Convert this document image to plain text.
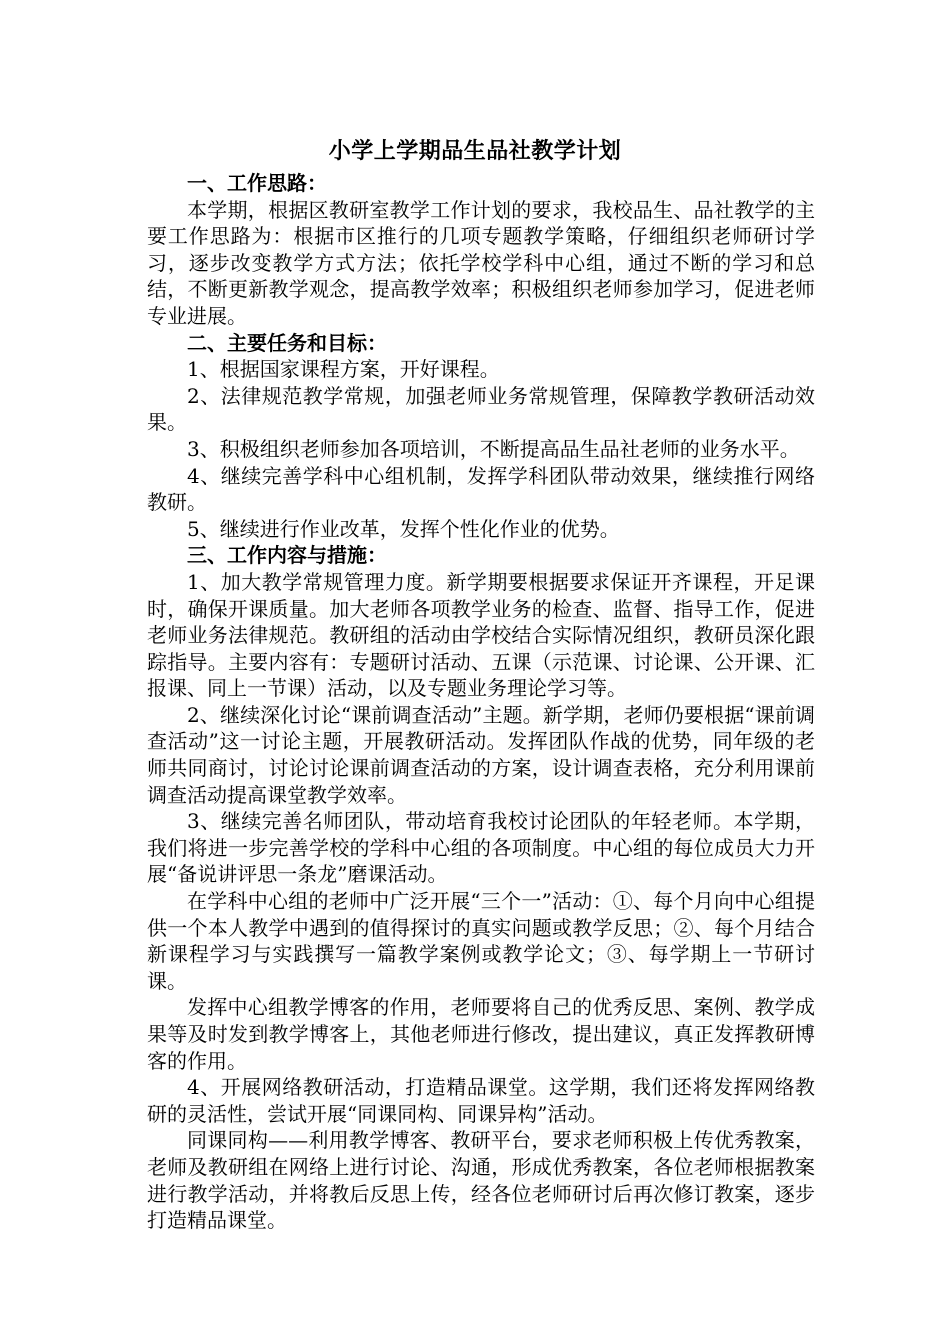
小学上学期品生品社教学计划

一、工作思路：

本学期，根据区教研室教学工作计划的要求，我校品生、品社教学的主要工作思路为：根据市区推行的几项专题教学策略，仔细组织老师研讨学习，逐步改变教学方式方法；依托学校学科中心组，通过不断的学习和总结，不断更新教学观念，提高教学效率；积极组织老师参加学习，促进老师专业进展。

二、主要任务和目标：

1、根据国家课程方案，开好课程。

2、法律规范教学常规，加强老师业务常规管理，保障教学教研活动效果。

3、积极组织老师参加各项培训，不断提高品生品社老师的业务水平。

4、继续完善学科中心组机制，发挥学科团队带动效果，继续推行网络教研。

5、继续进行作业改革，发挥个性化作业的优势。

三、工作内容与措施：

1、加大教学常规管理力度。新学期要根据要求保证开齐课程，开足课时，确保开课质量。加大老师各项教学业务的检查、监督、指导工作，促进老师业务法律规范。教研组的活动由学校结合实际情况组织，教研员深化跟踪指导。主要内容有：专题研讨活动、五课（示范课、讨论课、公开课、汇报课、同上一节课）活动，以及专题业务理论学习等。

2、继续深化讨论“课前调查活动”主题。新学期，老师仍要根据“课前调查活动”这一讨论主题，开展教研活动。发挥团队作战的优势，同年级的老师共同商讨，讨论讨论课前调查活动的方案，设计调查表格，充分利用课前调查活动提高课堂教学效率。

3、继续完善名师团队，带动培育我校讨论团队的年轻老师。本学期，我们将进一步完善学校的学科中心组的各项制度。中心组的每位成员大力开展“备说讲评思一条龙”磨课活动。

在学科中心组的老师中广泛开展“三个一”活动：①、每个月向中心组提供一个本人教学中遇到的值得探讨的真实问题或教学反思；②、每个月结合新课程学习与实践撰写一篇教学案例或教学论文；③、每学期上一节研讨课。

发挥中心组教学博客的作用，老师要将自己的优秀反思、案例、教学成果等及时发到教学博客上，其他老师进行修改，提出建议，真正发挥教研博客的作用。

4、开展网络教研活动，打造精品课堂。这学期，我们还将发挥网络教研的灵活性，尝试开展“同课同构、同课异构”活动。

同课同构——利用教学博客、教研平台，要求老师积极上传优秀教案，老师及教研组在网络上进行讨论、沟通，形成优秀教案，各位老师根据教案进行教学活动，并将教后反思上传，经各位老师研讨后再次修订教案，逐步打造精品课堂。
